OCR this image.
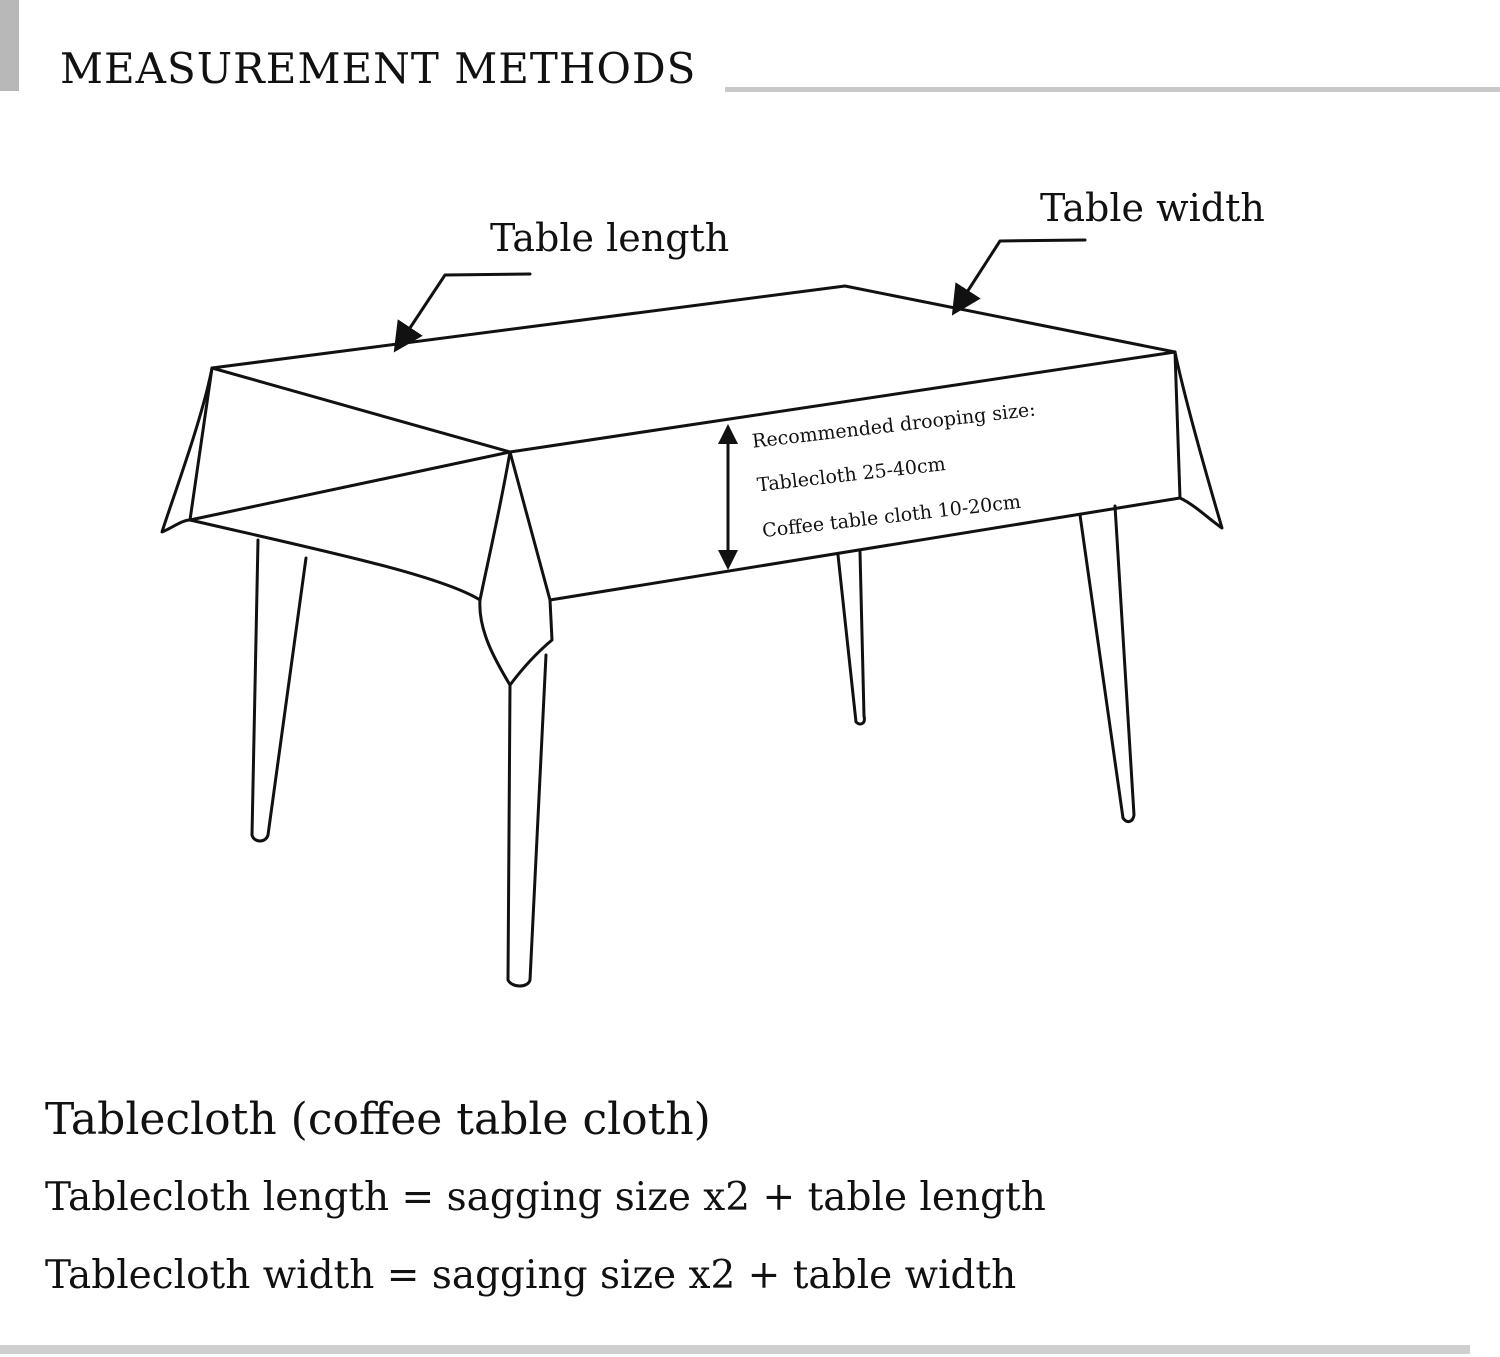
MEASUREMENT METHODS
Table length
Table width
Recommended drooping size:
Tablecloth 25-40cm
Coffee table cloth 10-20cm
Tablecloth (coffee table cloth)
Tablecloth length = sagging size x2 + table length
Tablecloth width = sagging size x2 + table width
